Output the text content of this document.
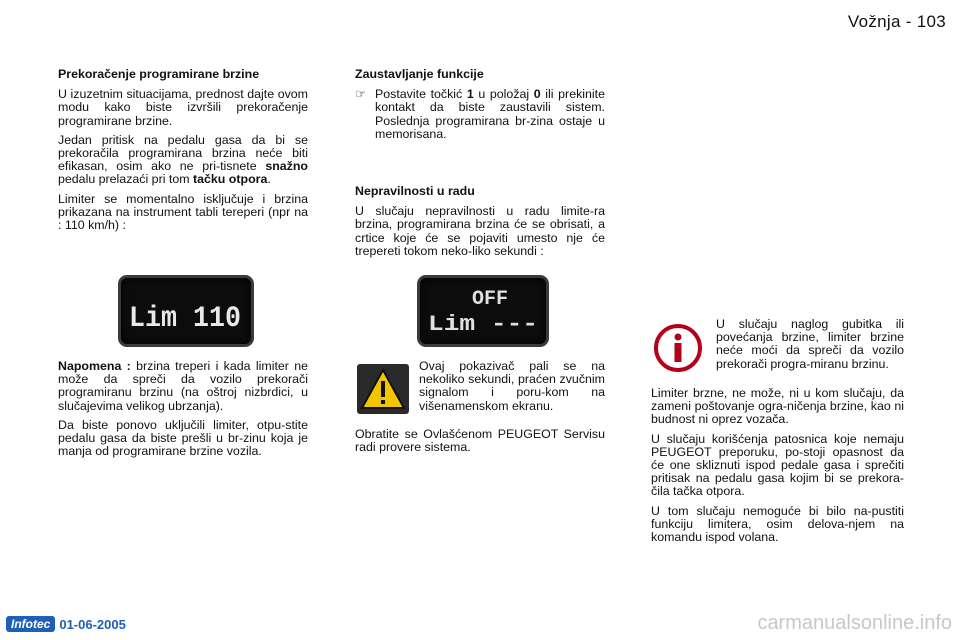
Vožnja - 103
Prekoračenje programirane brzine

U izuzetnim situacijama, prednost dajte ovom modu kako biste izvršili prekoračenje programirane brzine.

Jedan pritisk na pedalu gasa da bi se prekoračila programirana brzina neće biti efikasan, osim ako ne pri-tisnete snažno pedalu prelazaći pri tom tačku otpora.

Limiter se momentalno isključuje i brzina prikazana na instrument tabli tereperi (npr na : 110 km/h) :

Lim 110

Napomena : brzina treperi i kada limiter ne može da spreči da vozilo prekorači programiranu brzinu (na oštroj nizbrdici, u slučajevima velikog ubrzanja).

Da biste ponovo uključili limiter, otpu-stite pedalu gasa da biste prešli u br-zinu koja je manja od programirane brzine vozila.

Zaustavljanje funkcije
☞ Postavite točkić 1 u položaj 0 ili prekinite kontakt da biste zaustavili sistem. Poslednja programirana br-zina ostaje u memorisana.
Nepravilnosti u radu

U slučaju nepravilnosti u radu limite-ra brzina, programirana brzina će se obrisati, a crtice koje će se pojaviti umesto nje će trepereti tokom neko-liko sekundi :

OFF
Lim ---
Ovaj pokazivač pali se na nekoliko sekundi, praćen zvučnim signalom i poru-kom na višenamenskom ekranu.
Obratite se Ovlašćenom PEUGEOT Servisu radi provere sistema.
U slučaju naglog gubitka ili povećanja brzine, limiter brzine neće moći da spreči da vozilo prekorači progra-miranu brzinu.

Limiter brzne, ne može, ni u kom slučaju, da zameni poštovanje ogra-ničenja brzine, kao ni budnost ni oprez vozača.

U slučaju korišćenja patosnica koje nemaju PEUGEOT preporuku, po-stoji opasnost da će one skliznuti ispod pedale gasa i sprečiti pritisak na pedalu gasa kojim bi se prekora-čila tačka otpora.

U tom slučaju nemoguće bi bilo na-pustiti funkciju limitera, osim delova-njem na komandu ispod volana.

Infotec 01-06-2005	carmanualsonline.info
